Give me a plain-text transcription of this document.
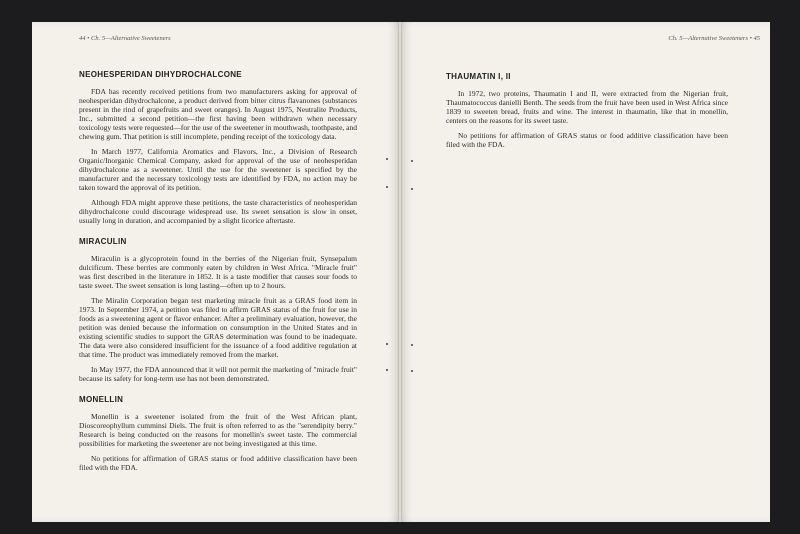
44 • Ch. 5—Alternative Sweeteners	Ch. 5—Alternative Sweeteners • 45
NEOHESPERIDAN DIHYDROCHALCONE

FDA has recently received petitions from two manufacturers asking for approval of neohesperidan dihydrochalcone, a product derived from bitter citrus flavanones (substances present in the rind of grapefruits and sweet oranges). In August 1975, Neutralite Products, Inc., submitted a second petition—the first having been withdrawn when necessary toxicology tests were requested—for the use of the sweetener in mouthwash, toothpaste, and chewing gum. That petition is still incomplete, pending receipt of the toxicology data.

In March 1977, California Aromatics and Flavors, Inc., a Division of Research Organic/Inorganic Chemical Company, asked for approval of the use of neohesperidan dihydrochalcone as a sweetener. Until the use for the sweetener is specified by the manufacturer and the necessary toxicology tests are identified by FDA, no action may be taken toward the approval of its petition.

Although FDA might approve these petitions, the taste characteristics of neohesperidan dihydrochalcone could discourage widespread use. Its sweet sensation is slow in onset, usually long in duration, and accompanied by a slight licorice aftertaste.

MIRACULIN

Miraculin is a glycoprotein found in the berries of the Nigerian fruit, Synsepalum dulcificum. These berries are commonly eaten by children in West Africa. "Miracle fruit" was first described in the literature in 1852. It is a taste modifier that causes sour foods to taste sweet. The sweet sensation is long lasting—often up to 2 hours.

The Miralin Corporation began test marketing miracle fruit as a GRAS food item in 1973. In September 1974, a petition was filed to affirm GRAS status of the fruit for use in foods as a sweetening agent or flavor enhancer. After a preliminary evaluation, however, the petition was denied because the information on consumption in the United States and in existing scientific studies to support the GRAS determination was found to be inadequate. The data were also considered insufficient for the issuance of a food additive regulation at that time. The product was immediately removed from the market.

In May 1977, the FDA announced that it will not permit the marketing of "miracle fruit" because its safety for long-term use has not been demonstrated.

MONELLIN

Monellin is a sweetener isolated from the fruit of the West African plant, Dioscoreophyllum cumminsi Diels. The fruit is often referred to as the "serendipity berry." Research is being conducted on the reasons for monellin's sweet taste. The commercial possibilities for marketing the sweetener are not being investigated at this time.

No petitions for affirmation of GRAS status or food additive classification have been filed with the FDA.

THAUMATIN I, II

In 1972, two proteins, Thaumatin I and II, were extracted from the Nigerian fruit, Thaumatococcus danielli Benth. The seeds from the fruit have been used in West Africa since 1839 to sweeten bread, fruits and wine. The interest in thaumatin, like that in monellin, centers on the reasons for its sweet taste.

No petitions for affirmation of GRAS status or food additive classification have been filed with the FDA.
